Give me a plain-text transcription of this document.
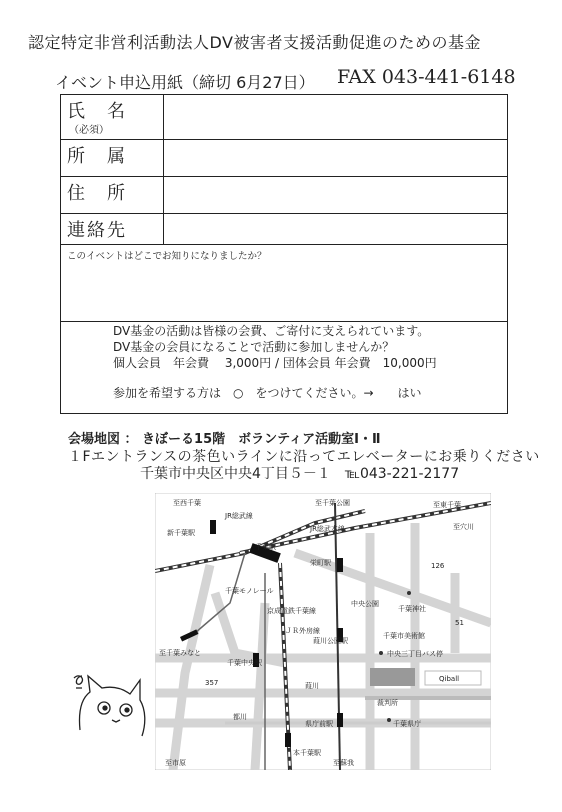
認定特定非営利活動法人DV被害者支援活動促進のための基金
イベント申込用紙（締切 6月27日） FAX 043-441-6148
氏　名
（必須）
所　属
住　所
連絡先
このイベントはどこでお知りになりましたか？
DV基金の活動は皆様の会費、ご寄付に支えられています。
DV基金の会員になることで活動に参加しませんか？
個人会員　年会費　 3,000円 / 団体会員 年会費　10,000円
参加を希望する方は　○　をつけてください。→　　はい
会場地図 ： きぼーる15階　ボランティア活動室Ⅰ・Ⅱ
１Fエントランスの茶色いラインに沿ってエレベーターにお乗りください
千葉市中央区中央4丁目５－１　℡043-221-2177
至西千葉	至千葉公園	至東千葉
至穴川
新千葉駅
JR総武線
JR総武本線
千葉駅
栄町駅
千葉モノレール
京成電鉄千葉線
ＪＲ外房線
中央公園
千葉神社
千葉市美術館
葭川公園駅
中央三丁目バス停
至千葉みなと
千葉中央駅
裁判所
県庁前駅	千葉県庁
本千葉駅
至蘇我
至市原
都川
葭川
Qiball
126
51
357
